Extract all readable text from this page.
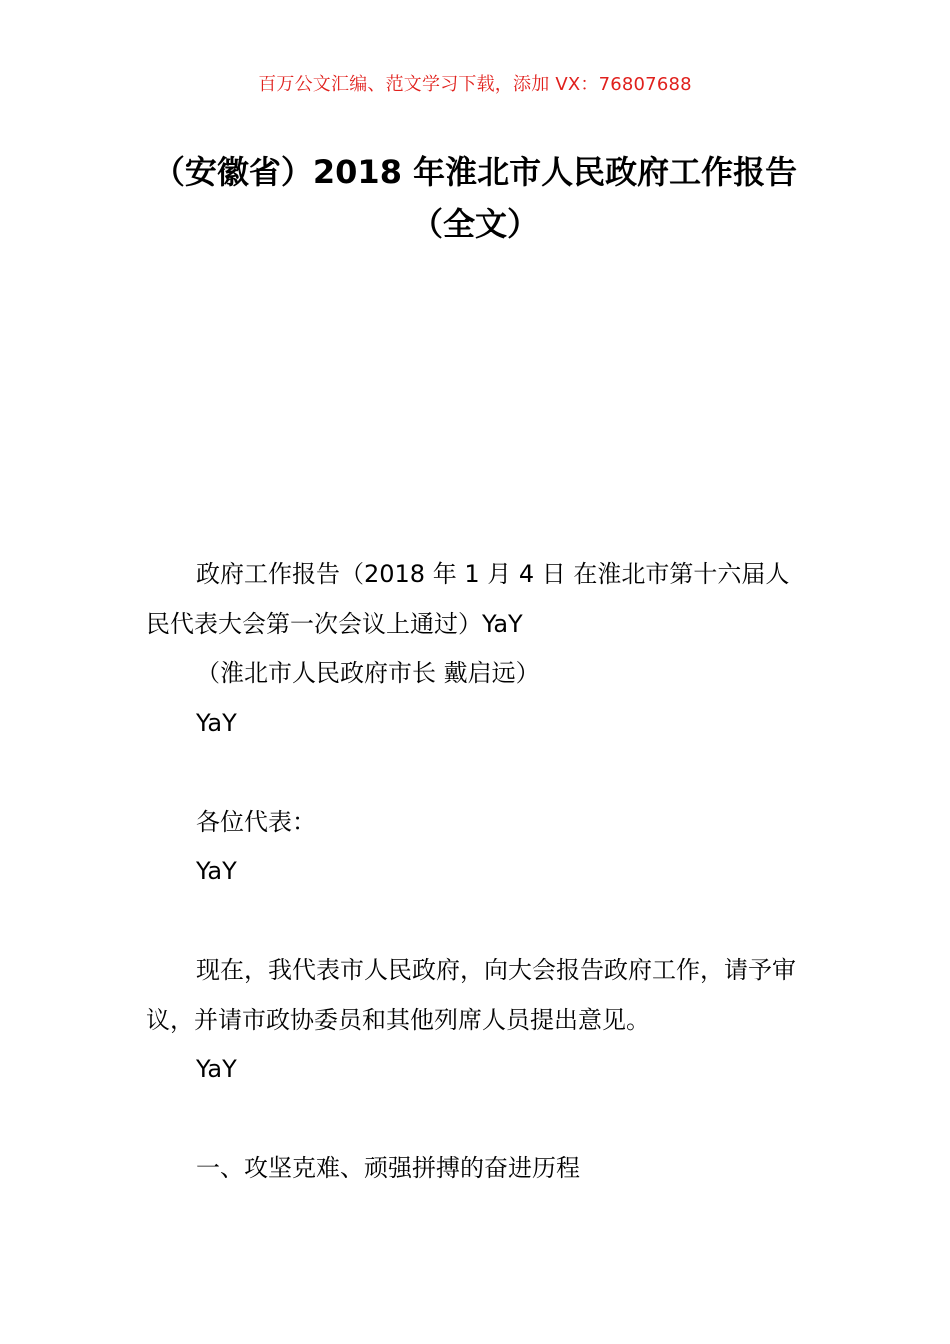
百万公文汇编、范文学习下载，添加 VX：76807688
（安徽省）2018 年淮北市人民政府工作报告（全文）

政府工作报告（2018 年 1 月 4 日 在淮北市第十六届人民代表大会第一次会议上通过）YaY

（淮北市人民政府市长 戴启远）

YaY

各位代表：

YaY

现在，我代表市人民政府，向大会报告政府工作，请予审议，并请市政协委员和其他列席人员提出意见。

YaY

一、攻坚克难、顽强拼搏的奋进历程
